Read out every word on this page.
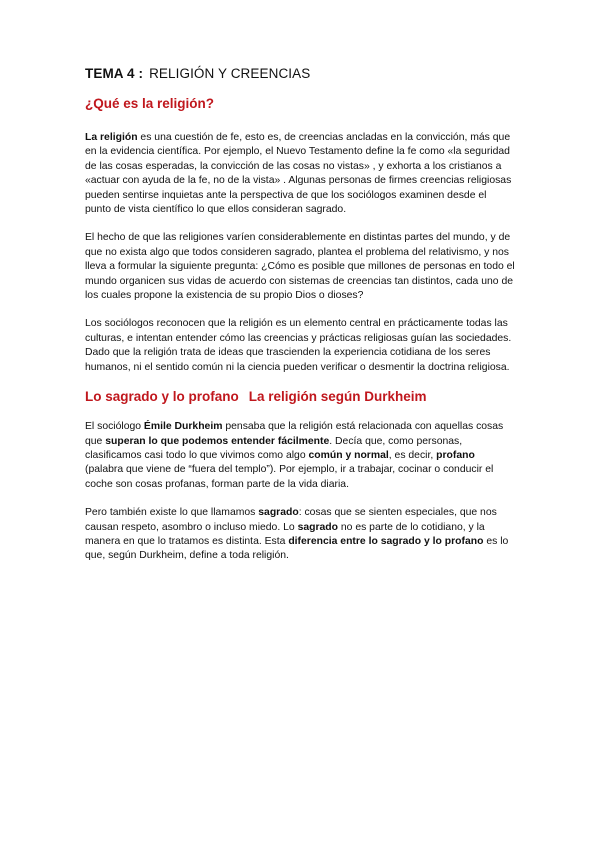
TEMA 4 : RELIGIÓN Y CREENCIAS
¿Qué es la religión?

La religión es una cuestión de fe, esto es, de creencias ancladas en la convicción, más que en la evidencia científica. Por ejemplo, el Nuevo Testamento define la fe como «la seguridad de las cosas esperadas, la convicción de las cosas no vistas» , y exhorta a los cristianos a «actuar con ayuda de la fe, no de la vista» . Algunas personas de firmes creencias religiosas pueden sentirse inquietas ante la perspectiva de que los sociólogos examinen desde el punto de vista científico lo que ellos consideran sagrado.

El hecho de que las religiones varíen considerablemente en distintas partes del mundo, y de que no exista algo que todos consideren sagrado, plantea el problema del relativismo, y nos lleva a formular la siguiente pregunta: ¿Cómo es posible que millones de personas en todo el mundo organicen sus vidas de acuerdo con sistemas de creencias tan distintos, cada uno de los cuales propone la existencia de su propio Dios o dioses?

Los sociólogos reconocen que la religión es un elemento central en prácticamente todas las culturas, e intentan entender cómo las creencias y prácticas religiosas guían las sociedades. Dado que la religión trata de ideas que trascienden la experiencia cotidiana de los seres humanos, ni el sentido común ni la ciencia pueden verificar o desmentir la doctrina religiosa.

Lo sagrado y lo profano La religión según Durkheim

El sociólogo Émile Durkheim pensaba que la religión está relacionada con aquellas cosas que superan lo que podemos entender fácilmente. Decía que, como personas, clasificamos casi todo lo que vivimos como algo común y normal, es decir, profano (palabra que viene de “fuera del templo”). Por ejemplo, ir a trabajar, cocinar o conducir el coche son cosas profanas, forman parte de la vida diaria.

Pero también existe lo que llamamos sagrado: cosas que se sienten especiales, que nos causan respeto, asombro o incluso miedo. Lo sagrado no es parte de lo cotidiano, y la manera en que lo tratamos es distinta. Esta diferencia entre lo sagrado y lo profano es lo que, según Durkheim, define a toda religión.
